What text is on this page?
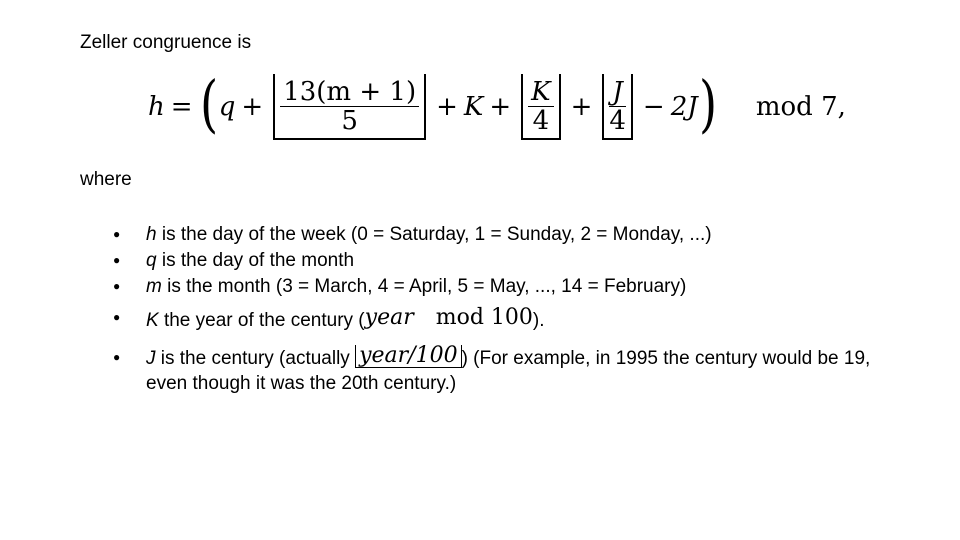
Zeller congruence is
h = ( $q + \frac{13(m + 1)}{5} + K + \frac{K}{4} + \frac{J}{4} - 2J$ ) mod 7,
where
● h is the day of the week (0 = Saturday, 1 = Sunday, 2 = Monday, ...)
● q is the day of the month
● m is the month (3 = March, 4 = April, 5 = May, ..., 14 = February)
● K the year of the century (year mod 100).
● J is the century (actually year/100 ) (For example, in 1995 the century would be 19,
even though it was the 20th century.)
